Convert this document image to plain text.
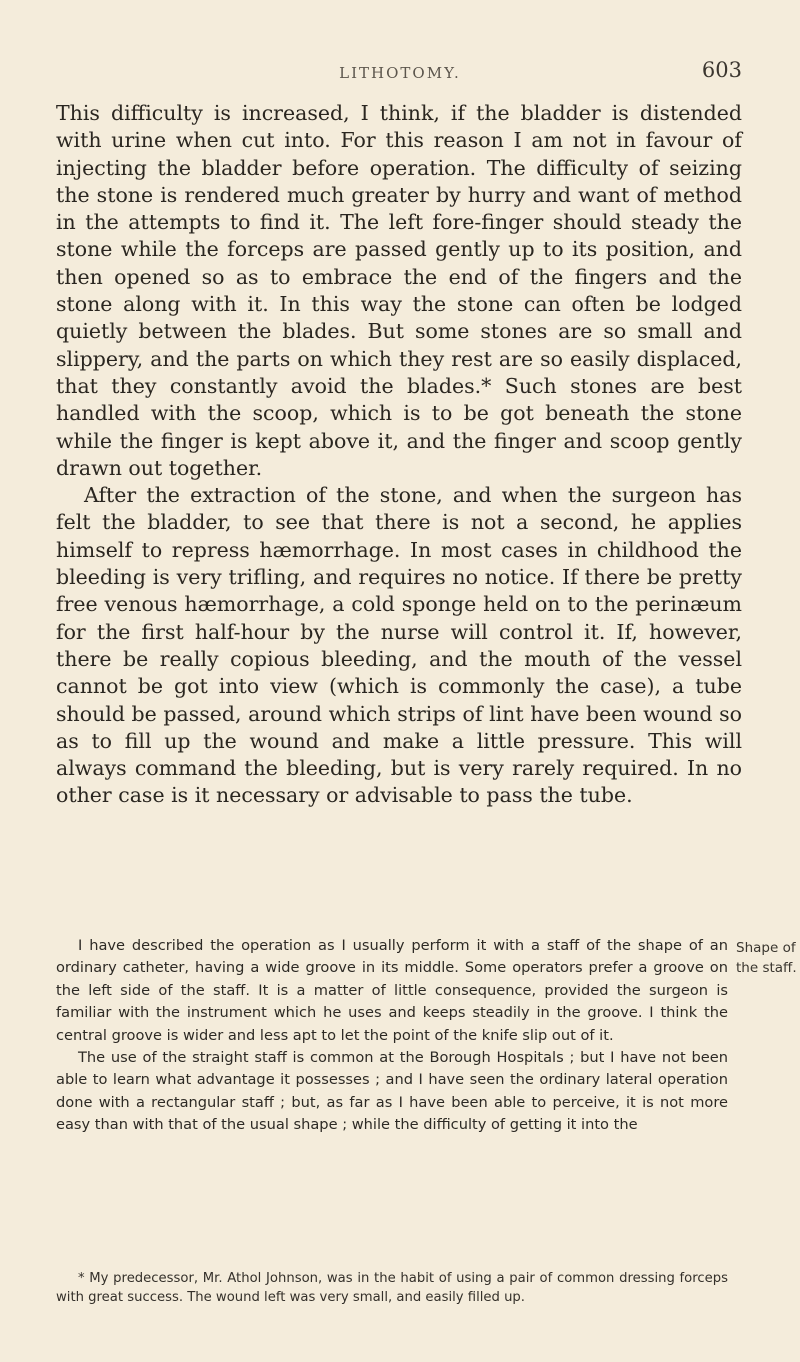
LITHOTOMY.	603

This difficulty is increased, I think, if the bladder is distended with urine when cut into. For this reason I am not in favour of injecting the bladder before operation. The difficulty of seizing the stone is rendered much greater by hurry and want of method in the attempts to find it. The left fore-finger should steady the stone while the forceps are passed gently up to its position, and then opened so as to embrace the end of the fingers and the stone along with it. In this way the stone can often be lodged quietly between the blades. But some stones are so small and slippery, and the parts on which they rest are so easily displaced, that they constantly avoid the blades.* Such stones are best handled with the scoop, which is to be got beneath the stone while the finger is kept above it, and the finger and scoop gently drawn out together.

After the extraction of the stone, and when the surgeon has felt the bladder, to see that there is not a second, he applies himself to repress hæmorrhage. In most cases in childhood the bleeding is very trifling, and requires no notice. If there be pretty free venous hæmorrhage, a cold sponge held on to the perinæum for the first half-hour by the nurse will control it. If, however, there be really copious bleeding, and the mouth of the vessel cannot be got into view (which is commonly the case), a tube should be passed, around which strips of lint have been wound so as to fill up the wound and make a little pressure. This will always command the bleeding, but is very rarely required. In no other case is it necessary or advisable to pass the tube.

I have described the operation as I usually perform it with a staff of the shape of an ordinary catheter, having a wide groove in its middle. Some operators prefer a groove on the left side of the staff. It is a matter of little consequence, provided the surgeon is familiar with the instrument which he uses and keeps steadily in the groove. I think the central groove is wider and less apt to let the point of the knife slip out of it.

The use of the straight staff is common at the Borough Hospitals ; but I have not been able to learn what advantage it possesses ; and I have seen the ordinary lateral operation done with a rectangular staff ; but, as far as I have been able to perceive, it is not more easy than with that of the usual shape ; while the difficulty of getting it into the

Shape of the staff.
* My predecessor, Mr. Athol Johnson, was in the habit of using a pair of common dressing forceps with great success. The wound left was very small, and easily filled up.
